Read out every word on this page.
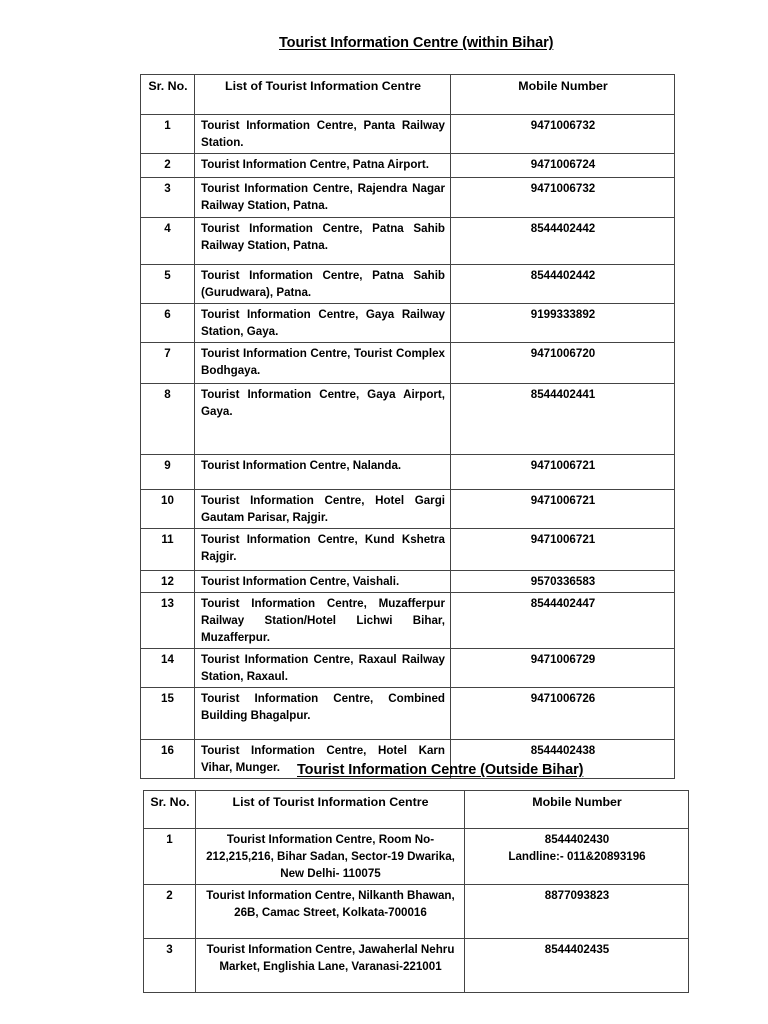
Tourist Information Centre (within Bihar)
Sr. No.	List of Tourist Information Centre	Mobile Number
1	Tourist Information Centre, Panta Railway Station.	9471006732
2	Tourist Information Centre, Patna Airport.	9471006724
3	Tourist Information Centre, Rajendra Nagar Railway Station, Patna.	9471006732
4	Tourist Information Centre, Patna Sahib Railway Station, Patna.	8544402442
5	Tourist Information Centre, Patna Sahib (Gurudwara), Patna.	8544402442
6	Tourist Information Centre, Gaya Railway Station, Gaya.	9199333892
7	Tourist Information Centre, Tourist Complex Bodhgaya.	9471006720
8	Tourist Information Centre, Gaya Airport, Gaya.	8544402441
9	Tourist Information Centre, Nalanda.	9471006721
10	Tourist Information Centre, Hotel Gargi Gautam Parisar, Rajgir.	9471006721
11	Tourist Information Centre, Kund Kshetra Rajgir.	9471006721
12	Tourist Information Centre, Vaishali.	9570336583
13	Tourist Information Centre, Muzafferpur Railway Station/Hotel Lichwi Bihar, Muzafferpur.	8544402447
14	Tourist Information Centre, Raxaul Railway Station, Raxaul.	9471006729
15	Tourist Information Centre, Combined Building Bhagalpur.	9471006726
16	Tourist Information Centre, Hotel Karn Vihar, Munger.	8544402438
Tourist Information Centre (Outside Bihar)
Sr. No.	List of Tourist Information Centre	Mobile Number
1	Tourist Information Centre, Room No-212,215,216, Bihar Sadan, Sector-19 Dwarika, New Delhi- 110075	8544402430
Landline:- 011&20893196

2	Tourist Information Centre, Nilkanth Bhawan, 26B, Camac Street, Kolkata-700016	8877093823
3	Tourist Information Centre, Jawaherlal Nehru Market, Englishia Lane, Varanasi-221001	8544402435
